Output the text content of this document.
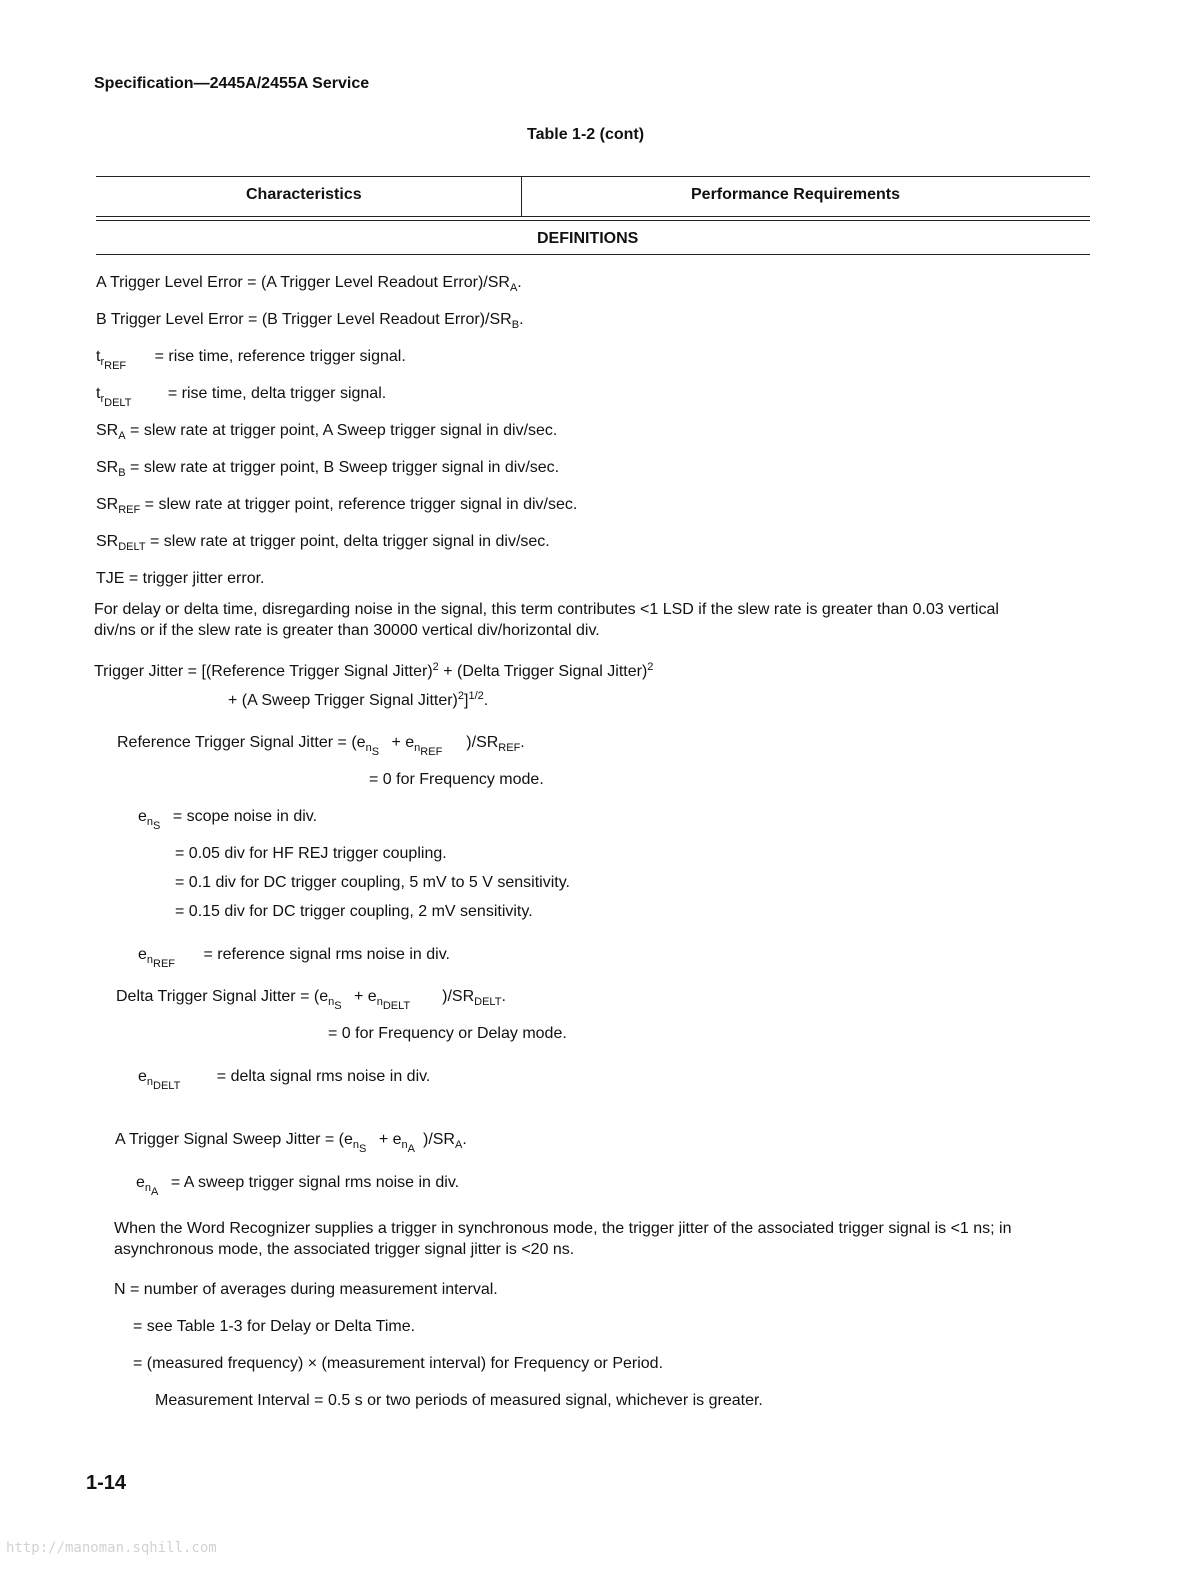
Specification—2445A/2455A Service
Table 1-2 (cont)
Characteristics	Performance Requirements
DEFINITIONS
A Trigger Level Error = (A Trigger Level Readout $Error)/SR_A$.
B Trigger Level Error = (B Trigger Level Readout $Error)/SR_B$.
$t_{r_{REF}}$ = rise time, reference trigger signal.
$t_{r_{DELT}}$ = rise time, delta trigger signal.
$SR_A$ = slew rate at trigger point, A Sweep trigger signal in div/sec.
$SR_B$ = slew rate at trigger point, B Sweep trigger signal in div/sec.
$SR_{REF}$ = slew rate at trigger point, reference trigger signal in div/sec.
$SR_{DELT}$ = slew rate at trigger point, delta trigger signal in div/sec.
TJE = trigger jitter error.
For delay or delta time, disregarding noise in the signal, this term contributes <1 LSD if the slew rate is greater than 0.03 vertical div/ns or if the slew rate is greater than 30000 vertical div/horizontal div.
Trigger Jitter = [(Reference Trigger Signal Jitter)$^2$ + (Delta Trigger Signal Jitter)$^2$
+ (A Sweep Trigger Signal Jitter)$^2$]$^{1/2}$.
Reference Trigger Signal Jitter = $(e_{n_S} + e_{n_{REF}})/SR_{REF}$.
= 0 for Frequency mode.
$e_{n_S}$ = scope noise in div.
= 0.05 div for HF REJ trigger coupling.
= 0.1 div for DC trigger coupling, 5 mV to 5 V sensitivity.
= 0.15 div for DC trigger coupling, 2 mV sensitivity.
$e_{n_{REF}}$ = reference signal rms noise in div.
Delta Trigger Signal Jitter = $(e_{n_S} + e_{n_{DELT}})/SR_{DELT}$.
= 0 for Frequency or Delay mode.
$e_{n_{DELT}}$ = delta signal rms noise in div.
A Trigger Signal Sweep Jitter = $(e_{n_S} + e_{n_A})/SR_A$.
$e_{n_A} = A$ sweep trigger signal rms noise in div.
When the Word Recognizer supplies a trigger in synchronous mode, the trigger jitter of the associated trigger signal is <1 ns; in asynchronous mode, the associated trigger signal jitter is <20 ns.
N = number of averages during measurement interval.
= see Table 1-3 for Delay or Delta Time.
= (measured frequency) × (measurement interval) for Frequency or Period.
Measurement Interval = 0.5 s or two periods of measured signal, whichever is greater.
1-14
http://manoman.sqhill.com
